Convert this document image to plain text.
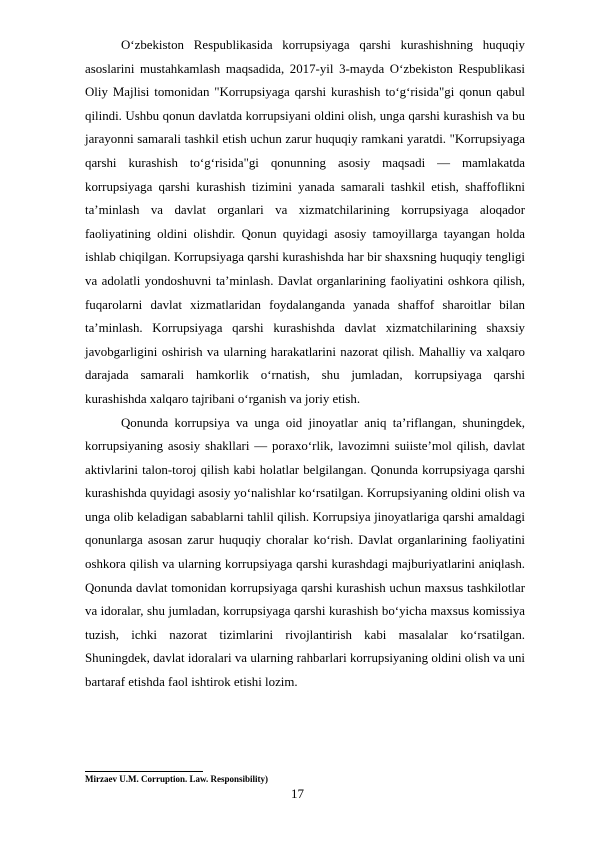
O‘zbekiston Respublikasida korrupsiyaga qarshi kurashishning huquqiy asoslarini mustahkamlash maqsadida, 2017-yil 3-mayda O‘zbekiston Respublikasi Oliy Majlisi tomonidan "Korrupsiyaga qarshi kurashish to‘g‘risida"gi qonun qabul qilindi. Ushbu qonun davlatda korrupsiyani oldini olish, unga qarshi kurashish va bu jarayonni samarali tashkil etish uchun zarur huquqiy ramkani yaratdi. "Korrupsiyaga qarshi kurashish to‘g‘risida"gi qonunning asosiy maqsadi — mamlakatda korrupsiyaga qarshi kurashish tizimini yanada samarali tashkil etish, shaffoflikni ta’minlash va davlat organlari va xizmatchilarining korrupsiyaga aloqador faoliyatining oldini olishdir. Qonun quyidagi asosiy tamoyillarga tayangan holda ishlab chiqilgan. Korrupsiyaga qarshi kurashishda har bir shaxsning huquqiy tengligi va adolatli yondoshuvni ta’minlash. Davlat organlarining faoliyatini oshkora qilish, fuqarolarni davlat xizmatlaridan foydalanganda yanada shaffof sharoitlar bilan ta’minlash. Korrupsiyaga qarshi kurashishda davlat xizmatchilarining shaxsiy javobgarligini oshirish va ularning harakatlarini nazorat qilish. Mahalliy va xalqaro darajada samarali hamkorlik o‘rnatish, shu jumladan, korrupsiyaga qarshi kurashishda xalqaro tajribani o‘rganish va joriy etish.

Qonunda korrupsiya va unga oid jinoyatlar aniq ta’riflangan, shuningdek, korrupsiyaning asosiy shakllari — poraxo‘rlik, lavozimni suiiste’mol qilish, davlat aktivlarini talon-toroj qilish kabi holatlar belgilangan. Qonunda korrupsiyaga qarshi kurashishda quyidagi asosiy yo‘nalishlar ko‘rsatilgan. Korrupsiyaning oldini olish va unga olib keladigan sabablarni tahlil qilish. Korrupsiya jinoyatlariga qarshi amaldagi qonunlarga asosan zarur huquqiy choralar ko‘rish. Davlat organlarining faoliyatini oshkora qilish va ularning korrupsiyaga qarshi kurashdagi majburiyatlarini aniqlash. Qonunda davlat tomonidan korrupsiyaga qarshi kurashish uchun maxsus tashkilotlar va idoralar, shu jumladan, korrupsiyaga qarshi kurashish bo‘yicha maxsus komissiya tuzish, ichki nazorat tizimlarini rivojlantirish kabi masalalar ko‘rsatilgan. Shuningdek, davlat idoralari va ularning rahbarlari korrupsiyaning oldini olish va uni bartaraf etishda faol ishtirok etishi lozim.

Mirzaev U.M. Corruption. Law. Responsibility)
17
